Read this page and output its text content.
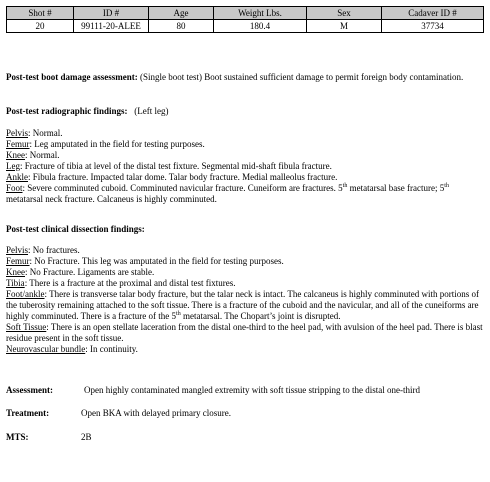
Shot #	ID #	Age	Weight Lbs.	Sex	Cadaver ID #
20	99111-20-ALEE	80	180.4	M	37734
Post-test boot damage assessment: (Single boot test) Boot sustained sufficient damage to permit foreign body contamination.
Post-test radiographic findings: (Left leg)
Pelvis: Normal.
Femur: Leg amputated in the field for testing purposes.
Knee: Normal.
Leg: Fracture of tibia at level of the distal test fixture. Segmental mid-shaft fibula fracture.
Ankle: Fibula fracture. Impacted talar dome. Talar body fracture. Medial malleolus fracture.
Foot: Severe comminuted cuboid. Comminuted navicular fracture. Cuneiform are fractures. 5th metatarsal base fracture; 5th metatarsal neck fracture. Calcaneus is highly comminuted.
Post-test clinical dissection findings:
Pelvis: No fractures.
Femur: No Fracture. This leg was amputated in the field for testing purposes.
Knee: No Fracture. Ligaments are stable.
Tibia: There is a fracture at the proximal and distal test fixtures.
Foot/ankle: There is transverse talar body fracture, but the talar neck is intact. The calcaneus is highly comminuted with portions of the tuberosity remaining attached to the soft tissue. There is a fracture of the cuboid and the navicular, and all of the cuneiforms are highly comminuted. There is a fracture of the 5th metatarsal. The Chopart’s joint is disrupted.
Soft Tissue: There is an open stellate laceration from the distal one-third to the heel pad, with avulsion of the heel pad. There is blast residue present in the soft tissue.
Neurovascular bundle: In continuity.
Assessment:	Open highly contaminated mangled extremity with soft tissue stripping to the distal one-third
Treatment:	Open BKA with delayed primary closure.
MTS:	2B
